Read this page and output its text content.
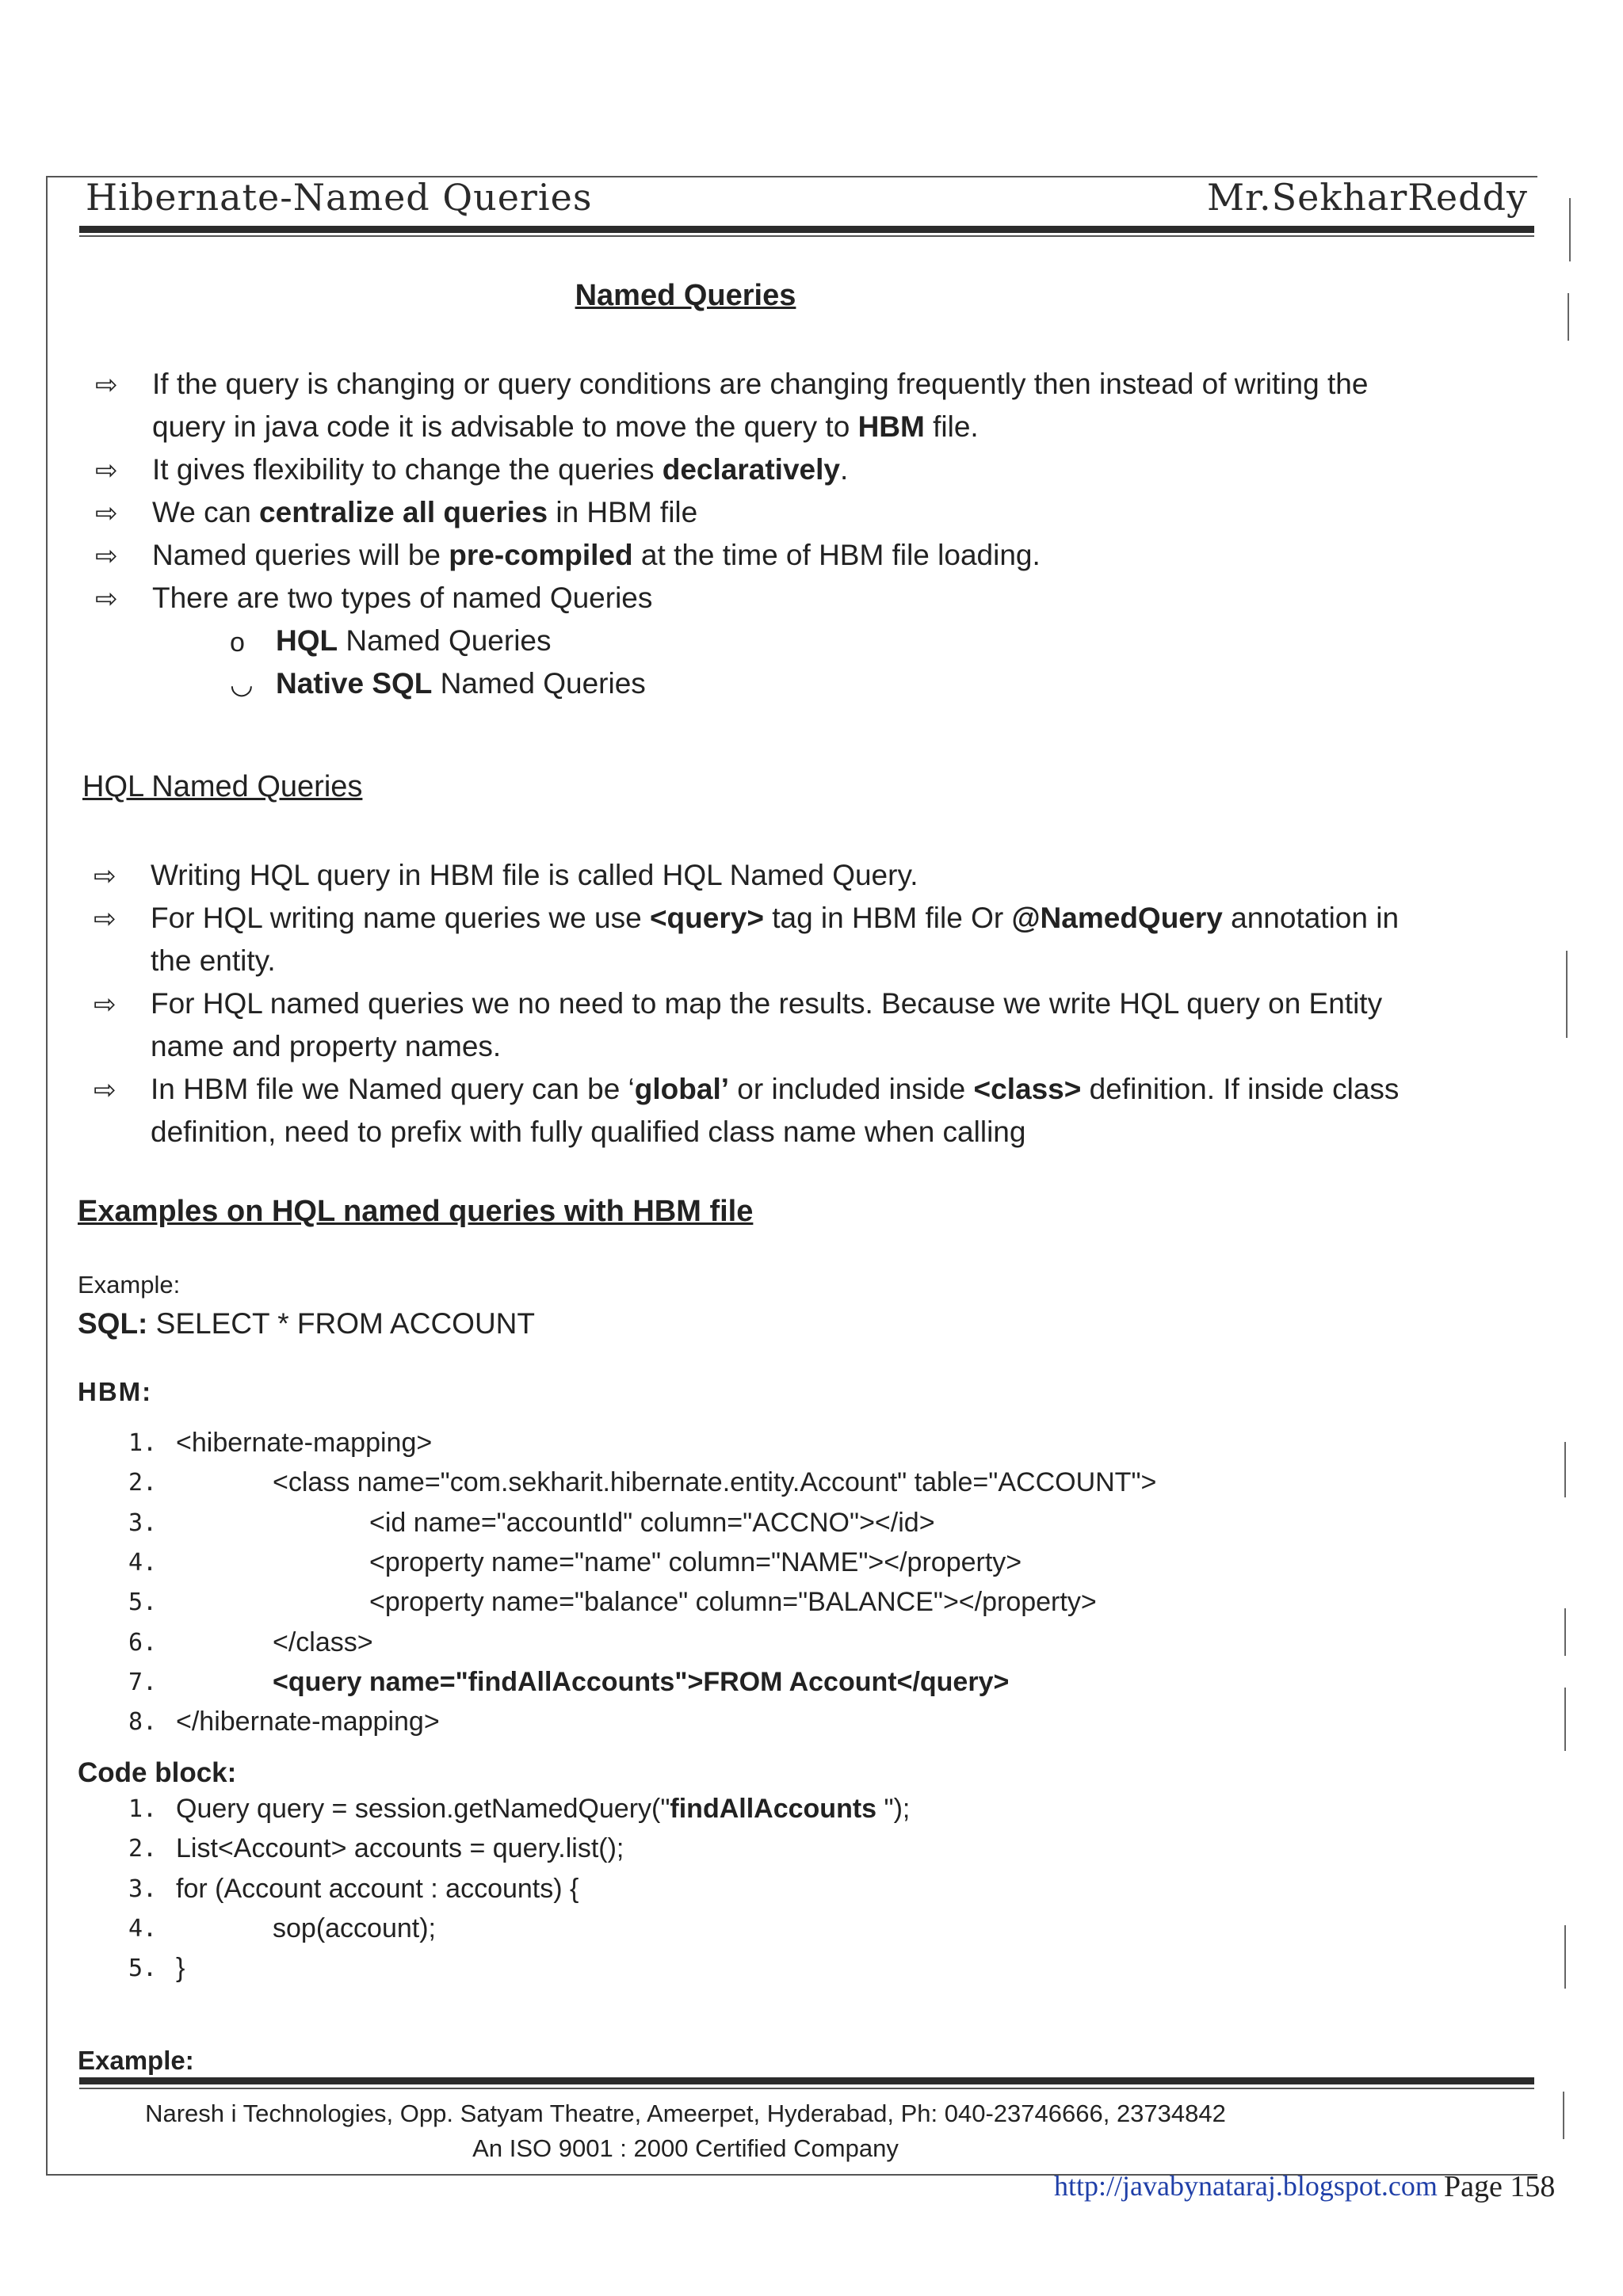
Hibernate-Named Queries	Mr.SekharReddy
Named Queries
⇨ If the query is changing or query conditions are changing frequently then instead of writing the
query in java code it is advisable to move the query to HBM file.
⇨ It gives flexibility to change the queries declaratively.
⇨ We can centralize all queries in HBM file
⇨ Named queries will be pre-compiled at the time of HBM file loading.
⇨ There are two types of named Queries
o HQL Named Queries
◡ Native SQL Named Queries
HQL Named Queries
⇨ Writing HQL query in HBM file is called HQL Named Query.
⇨ For HQL writing name queries we use <query> tag in HBM file Or @NamedQuery annotation in
the entity.
⇨ For HQL named queries we no need to map the results. Because we write HQL query on Entity
name and property names.
⇨ In HBM file we Named query can be ‘global’ or included inside <class> definition. If inside class
definition, need to prefix with fully qualified class name when calling
Examples on HQL named queries with HBM file
Example:
SQL: SELECT * FROM ACCOUNT
HBM:
1. <hibernate-mapping>
2.	<class name="com.sekharit.hibernate.entity.Account" table="ACCOUNT">
3.	<id name="accountId" column="ACCNO"></id>
4.	<property name="name" column="NAME"></property>
5.	<property name="balance" column="BALANCE"></property>
6.	</class>
7.	<query name="findAllAccounts">FROM Account</query>
8. </hibernate-mapping>
Code block:
1. Query query = session.getNamedQuery("findAllAccounts ");
2. List<Account> accounts = query.list();
3. for (Account account : accounts) {
4.	sop(account);
5. }
Example:
Naresh i Technologies, Opp. Satyam Theatre, Ameerpet, Hyderabad, Ph: 040-23746666, 23734842
An ISO 9001 : 2000 Certified Company
http://javabynataraj.blogspot.com Page 158
